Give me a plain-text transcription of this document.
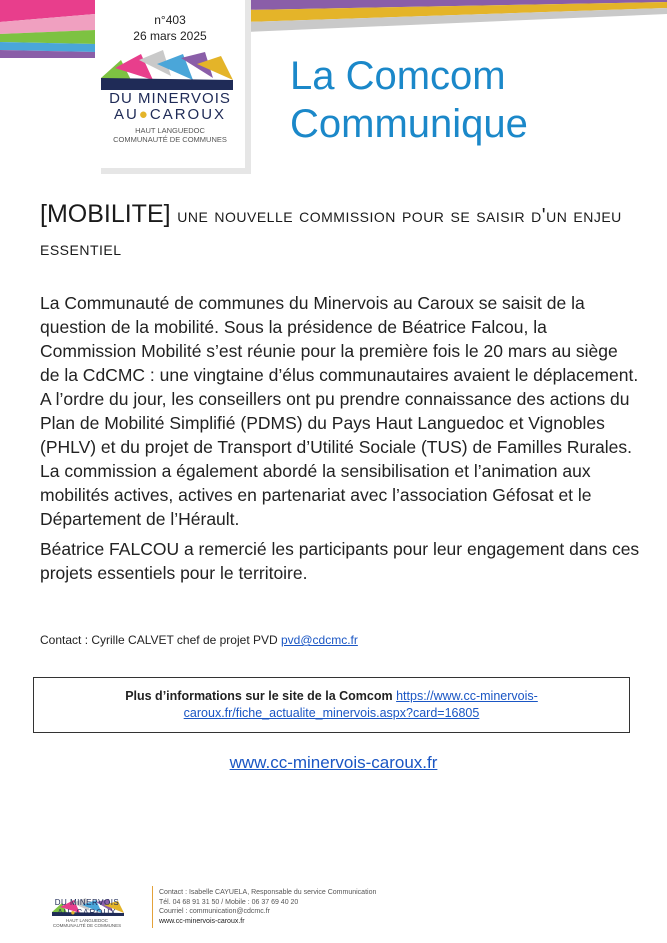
n°403
26 mars 2025
DU MINERVOIS
AU●CAROUX
HAUT LANGUEDOC
COMMUNAUTÉ DE COMMUNES
La Comcom
Communique
[MOBILITE] une nouvelle commission pour se saisir d'un enjeu essentiel

La Communauté de communes du Minervois au Caroux se saisit de la question de la mobilité. Sous la présidence de Béatrice Falcou, la Commission Mobilité s’est réunie pour la première fois le 20 mars au siège de la CdCMC : une vingtaine d’élus communautaires avaient le déplacement. A l’ordre du jour, les conseillers ont pu prendre connaissance des actions du Plan de Mobilité Simplifié (PDMS) du Pays Haut Languedoc et Vignobles (PHLV) et du projet de Transport d’Utilité Sociale (TUS) de Familles Rurales. La commission a également abordé la sensibilisation et l’animation aux mobilités actives, actives en partenariat avec l’association Géfosat et le Département de l’Hérault.

Béatrice FALCOU a remercié les participants pour leur engagement dans ces projets essentiels pour le territoire.

Contact : Cyrille CALVET chef de projet PVD pvd@cdcmc.fr
Plus d’informations sur le site de la Comcom https://www.cc-minervois-
caroux.fr/fiche_actualite_minervois.aspx?card=16805
www.cc-minervois-caroux.fr
DU MINERVOIS
AU●CAROUX
HAUT LANGUEDOC
COMMUNAUTÉ DE COMMUNES
Contact : Isabelle CAYUELA, Responsable du service Communication
Tél. 04 68 91 31 50 / Mobile : 06 37 69 40 20
Courriel : communication@cdcmc.fr
www.cc-minervois-caroux.fr
